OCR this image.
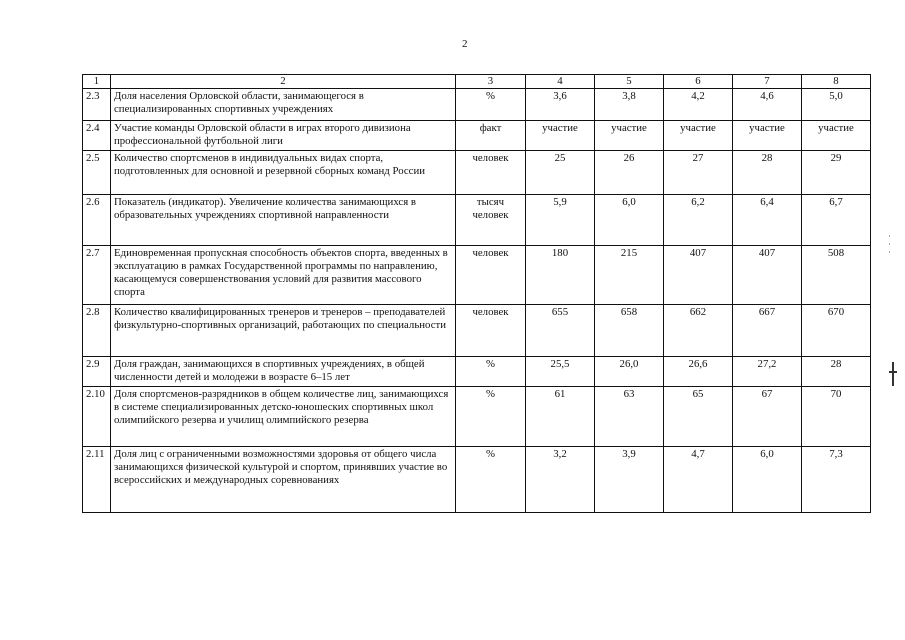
2
1	2	3	4	5	6	7	8
2.3	Доля населения Орловской области, занимающегося в специализированных спортивных учреждениях	%	3,6	3,8	4,2	4,6	5,0
2.4	Участие команды Орловской области в играх второго дивизиона профессиональной футбольной лиги	факт	участие	участие	участие	участие	участие
2.5	Количество спортсменов в индивидуальных видах спорта, подготовленных для основной и резервной сборных команд России	человек	25	26	27	28	29
2.6	Показатель (индикатор). Увеличение количества занимающихся в образовательных учреждениях спортивной направленности	тысяч человек	5,9	6,0	6,2	6,4	6,7
2.7	Единовременная пропускная способность объектов спорта, введенных в эксплуатацию в рамках Государственной программы по направлению, касающемуся совершенствования условий для развития массового спорта	человек	180	215	407	407	508
2.8	Количество квалифицированных тренеров и тренеров – преподавателей физкультурно-спортивных организаций, работающих по специальности	человек	655	658	662	667	670
2.9	Доля граждан, занимающихся в спортивных учреждениях, в общей численности детей и молодежи в возрасте 6–15 лет	%	25,5	26,0	26,6	27,2	28
2.10	Доля спортсменов-разрядников в общем количестве лиц, занимающихся в системе специализированных детско-юношеских спортивных школ олимпийского резерва и училищ олимпийского резерва	%	61	63	65	67	70
2.11	Доля лиц с ограниченными возможностями здоровья от общего числа занимающихся физической культурой и спортом, принявших участие во всероссийских и международных соревнованиях	%	3,2	3,9	4,7	6,0	7,3
·
·
·
